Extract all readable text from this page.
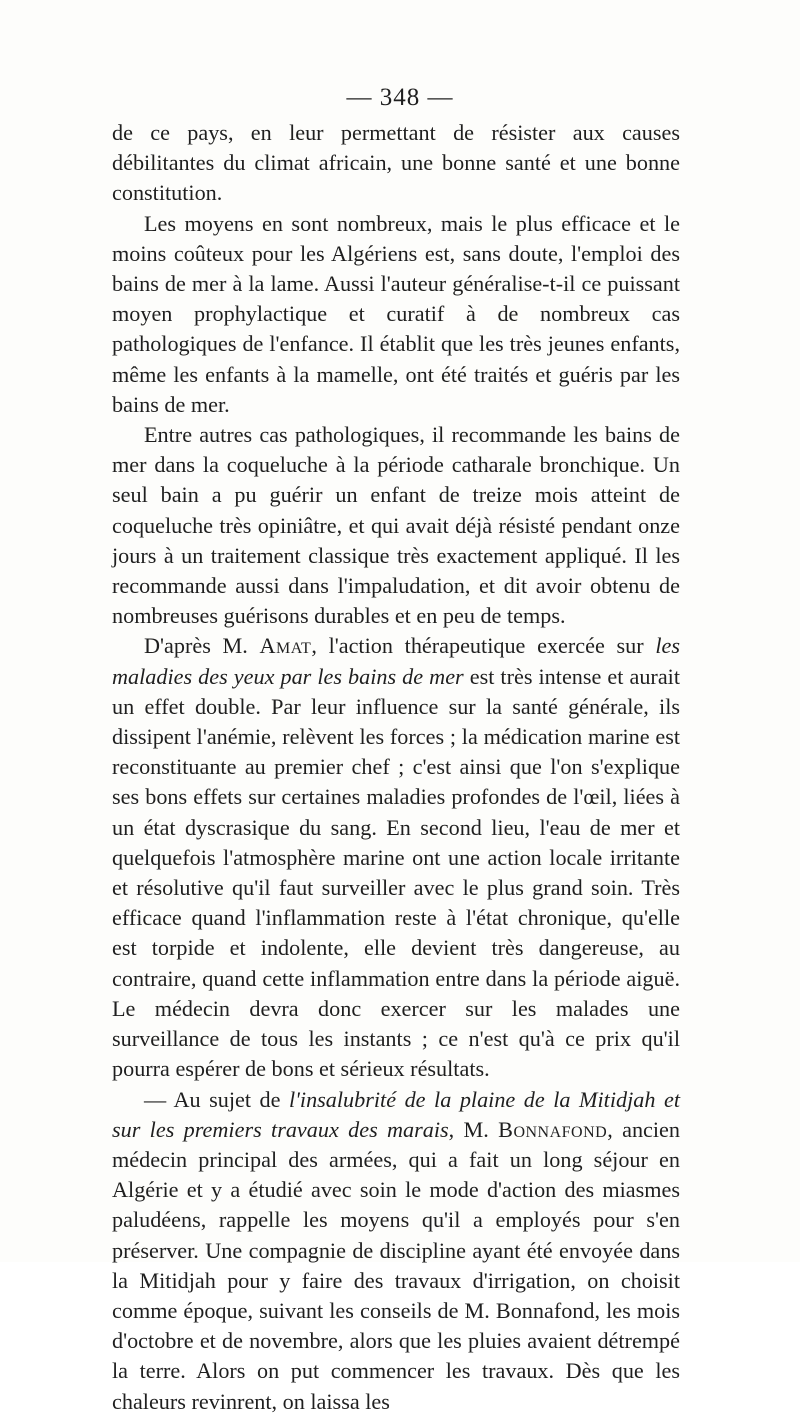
— 348 —

de ce pays, en leur permettant de résister aux causes débilitantes du climat africain, une bonne santé et une bonne constitution.

Les moyens en sont nombreux, mais le plus efficace et le moins coûteux pour les Algériens est, sans doute, l'emploi des bains de mer à la lame. Aussi l'auteur généralise-t-il ce puissant moyen prophylactique et curatif à de nombreux cas pathologiques de l'enfance. Il établit que les très jeunes enfants, même les enfants à la mamelle, ont été traités et guéris par les bains de mer.

Entre autres cas pathologiques, il recommande les bains de mer dans la coqueluche à la période catharale bronchique. Un seul bain a pu guérir un enfant de treize mois atteint de coqueluche très opiniâtre, et qui avait déjà résisté pendant onze jours à un traitement classique très exactement appliqué. Il les recommande aussi dans l'impaludation, et dit avoir obtenu de nombreuses guérisons durables et en peu de temps.

D'après M. Amat, l'action thérapeutique exercée sur les maladies des yeux par les bains de mer est très intense et aurait un effet double. Par leur influence sur la santé générale, ils dissipent l'anémie, relèvent les forces ; la médication marine est reconstituante au premier chef ; c'est ainsi que l'on s'explique ses bons effets sur certaines maladies profondes de l'œil, liées à un état dyscrasique du sang. En second lieu, l'eau de mer et quelquefois l'atmosphère marine ont une action locale irritante et résolutive qu'il faut surveiller avec le plus grand soin. Très efficace quand l'inflammation reste à l'état chronique, qu'elle est torpide et indolente, elle devient très dangereuse, au contraire, quand cette inflammation entre dans la période aiguë. Le médecin devra donc exercer sur les malades une surveillance de tous les instants ; ce n'est qu'à ce prix qu'il pourra espérer de bons et sérieux résultats.

— Au sujet de l'insalubrité de la plaine de la Mitidjah et sur les premiers travaux des marais, M. Bonnafond, ancien médecin principal des armées, qui a fait un long séjour en Algérie et y a étudié avec soin le mode d'action des miasmes paludéens, rappelle les moyens qu'il a employés pour s'en préserver. Une compagnie de discipline ayant été envoyée dans la Mitidjah pour y faire des travaux d'irrigation, on choisit comme époque, suivant les conseils de M. Bonnafond, les mois d'octobre et de novembre, alors que les pluies avaient détrempé la terre. Alors on put commencer les travaux. Dès que les chaleurs revinrent, on laissa les
